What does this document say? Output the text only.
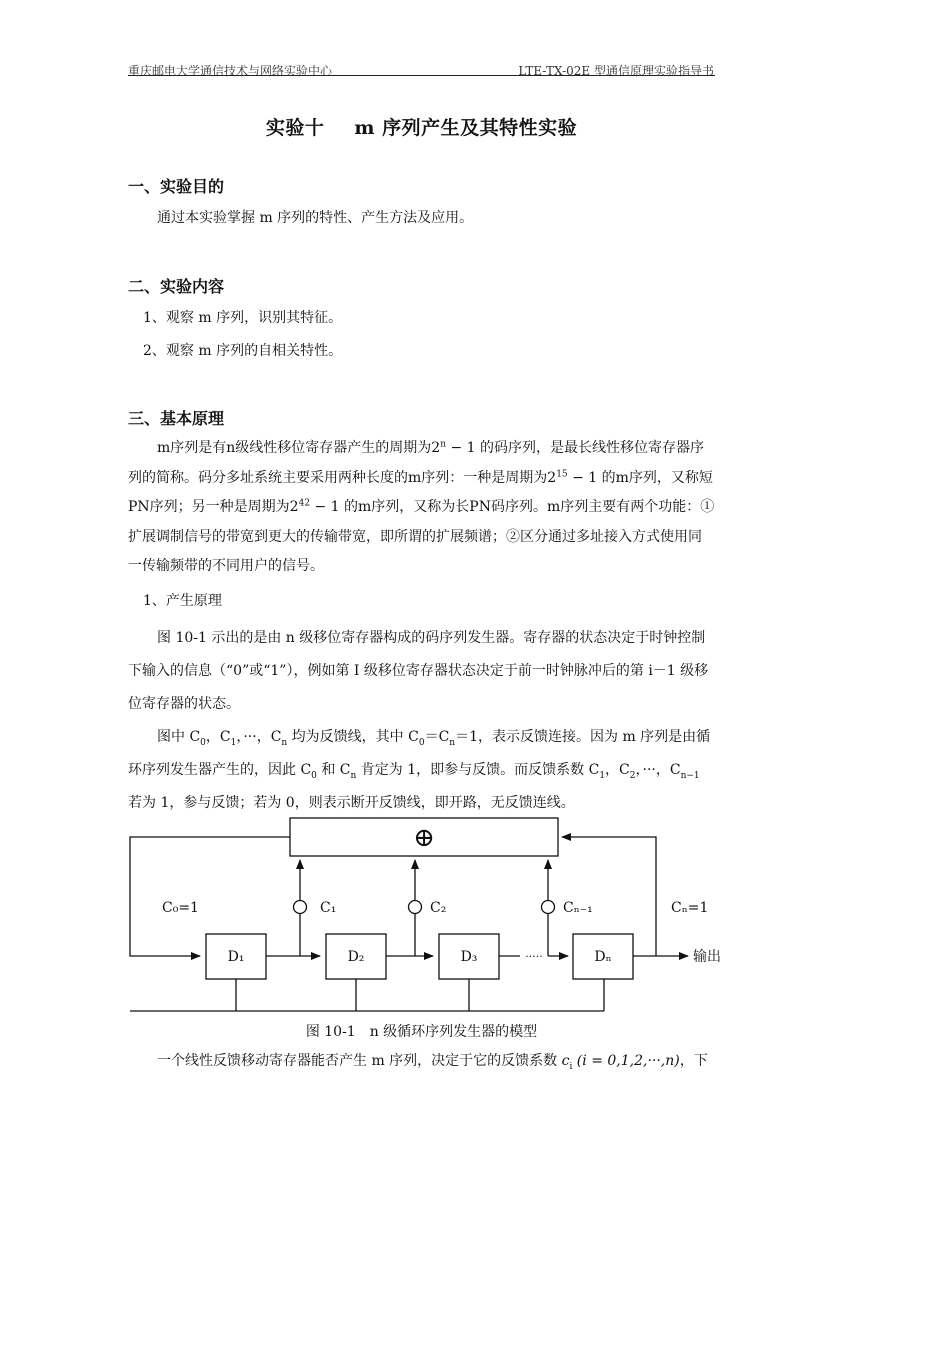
重庆邮电大学通信技术与网络实验中心	LTE-TX-02E 型通信原理实验指导书
实验十 m 序列产生及其特性实验
一、实验目的
通过本实验掌握 m 序列的特性、产生方法及应用。
二、实验内容
1、观察 m 序列，识别其特征。
2、观察 m 序列的自相关特性。
三、基本原理
m序列是有n级线性移位寄存器产生的周期为$2^n - 1$ 的码序列，是最长线性移位寄存器序列的简称。码分多址系统主要采用两种长度的m序列：一种是周期为$2^{15} - 1$ 的m序列，又称短PN序列；另一种是周期为$2^{42} - 1$ 的m序列，又称为长PN码序列。m序列主要有两个功能：①扩展调制信号的带宽到更大的传输带宽，即所谓的扩展频谱；②区分通过多址接入方式使用同一传输频带的不同用户的信号。
1、产生原理
图 10-1 示出的是由 n 级移位寄存器构成的码序列发生器。寄存器的状态决定于时钟控制下输入的信息（“0”或“1”），例如第 I 级移位寄存器状态决定于前一时钟脉冲后的第 i－1 级移位寄存器的状态。
图中 $C_0$，$C_1$，···，$C_n$ 均为反馈线，其中 $C_0=C_n=1$，表示反馈连接。因为 m 序列是由循环序列发生器产生的，因此 $C_0$ 和 $C_n$ 肯定为 1，即参与反馈。而反馈系数 $C_1$，$C_2$，···，$C_{n-1}$ 若为 1，参与反馈；若为 0，则表示断开反馈线，即开路，无反馈连线。
⊕
C₀=1	Cₙ=1
C₁	C₂	Cₙ₋₁
D₁	D₂	D₃	Dₙ
·····	输出
图 10-1　n 级循环序列发生器的模型
一个线性反馈移动寄存器能否产生 m 序列，决定于它的反馈系数 $c_i$ (i = 0,1,2,···,n)，下
